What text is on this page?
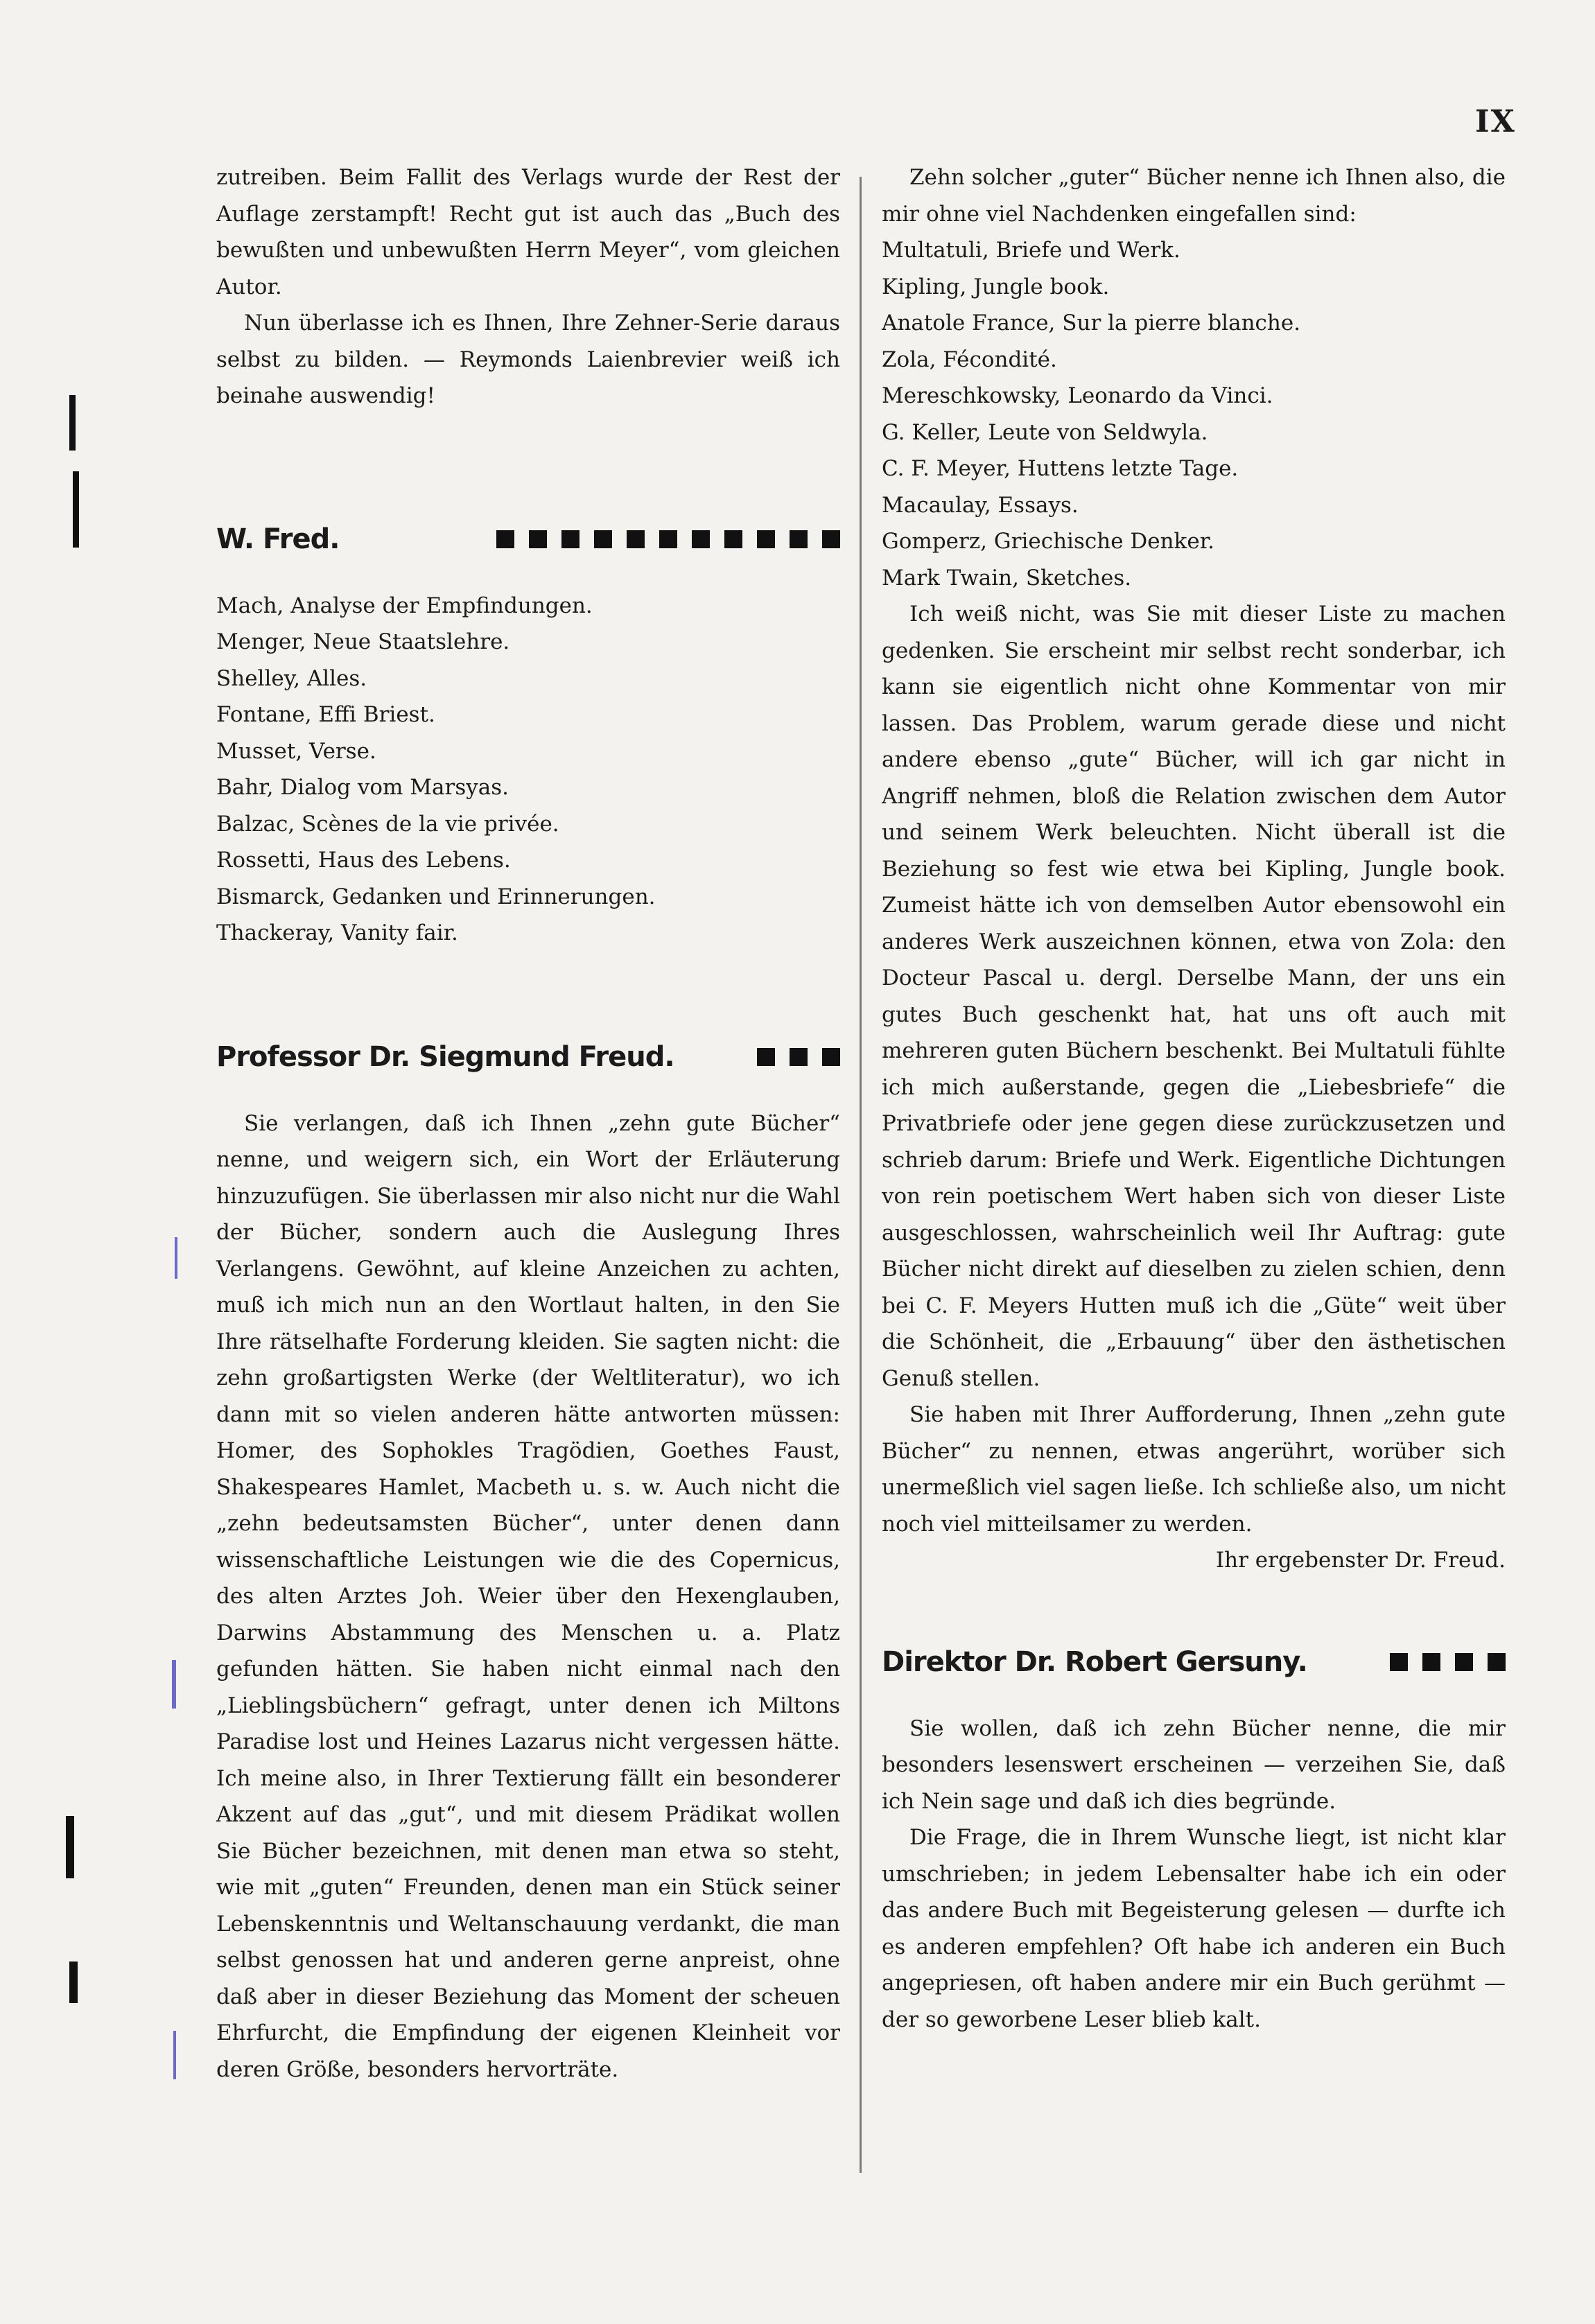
IX

zutreiben. Beim Fallit des Verlags wurde der Rest der Auflage zerstampft! Recht gut ist auch das „Buch des bewußten und unbewußten Herrn Meyer“, vom gleichen Autor.

Nun überlasse ich es Ihnen, Ihre Zehner-Serie daraus selbst zu bilden. — Reymonds Laienbrevier weiß ich beinahe auswendig!

W. Fred.
Mach, Analyse der Empfindungen.
Menger, Neue Staatslehre.
Shelley, Alles.
Fontane, Effi Briest.
Musset, Verse.
Bahr, Dialog vom Marsyas.
Balzac, Scènes de la vie privée.
Rossetti, Haus des Lebens.
Bismarck, Gedanken und Erinnerungen.
Thackeray, Vanity fair.
Professor Dr. Siegmund Freud.

Sie verlangen, daß ich Ihnen „zehn gute Bücher“ nenne, und weigern sich, ein Wort der Erläuterung hinzuzufügen. Sie überlassen mir also nicht nur die Wahl der Bücher, sondern auch die Auslegung Ihres Verlangens. Gewöhnt, auf kleine Anzeichen zu achten, muß ich mich nun an den Wortlaut halten, in den Sie Ihre rätselhafte Forderung kleiden. Sie sagten nicht: die zehn großartigsten Werke (der Weltliteratur), wo ich dann mit so vielen anderen hätte antworten müssen: Homer, des Sophokles Tragödien, Goethes Faust, Shakespeares Hamlet, Macbeth u. s. w. Auch nicht die „zehn bedeutsamsten Bücher“, unter denen dann wissenschaftliche Leistungen wie die des Copernicus, des alten Arztes Joh. Weier über den Hexenglauben, Darwins Abstammung des Menschen u. a. Platz gefunden hätten. Sie haben nicht einmal nach den „Lieblingsbüchern“ gefragt, unter denen ich Miltons Paradise lost und Heines Lazarus nicht vergessen hätte. Ich meine also, in Ihrer Textierung fällt ein besonderer Akzent auf das „gut“, und mit diesem Prädikat wollen Sie Bücher bezeichnen, mit denen man etwa so steht, wie mit „guten“ Freunden, denen man ein Stück seiner Lebenskenntnis und Weltanschauung verdankt, die man selbst genossen hat und anderen gerne anpreist, ohne daß aber in dieser Beziehung das Moment der scheuen Ehrfurcht, die Empfindung der eigenen Kleinheit vor deren Größe, besonders hervorträte.

Zehn solcher „guter“ Bücher nenne ich Ihnen also, die mir ohne viel Nachdenken eingefallen sind:

Multatuli, Briefe und Werk.
Kipling, Jungle book.
Anatole France, Sur la pierre blanche.
Zola, Fécondité.
Mereschkowsky, Leonardo da Vinci.
G. Keller, Leute von Seldwyla.
C. F. Meyer, Huttens letzte Tage.
Macaulay, Essays.
Gomperz, Griechische Denker.
Mark Twain, Sketches.

Ich weiß nicht, was Sie mit dieser Liste zu machen gedenken. Sie erscheint mir selbst recht sonderbar, ich kann sie eigentlich nicht ohne Kommentar von mir lassen. Das Problem, warum gerade diese und nicht andere ebenso „gute“ Bücher, will ich gar nicht in Angriff nehmen, bloß die Relation zwischen dem Autor und seinem Werk beleuchten. Nicht überall ist die Beziehung so fest wie etwa bei Kipling, Jungle book. Zumeist hätte ich von demselben Autor ebensowohl ein anderes Werk auszeichnen können, etwa von Zola: den Docteur Pascal u. dergl. Derselbe Mann, der uns ein gutes Buch geschenkt hat, hat uns oft auch mit mehreren guten Büchern beschenkt. Bei Multatuli fühlte ich mich außerstande, gegen die „Liebesbriefe“ die Privatbriefe oder jene gegen diese zurückzusetzen und schrieb darum: Briefe und Werk. Eigentliche Dichtungen von rein poetischem Wert haben sich von dieser Liste ausgeschlossen, wahrscheinlich weil Ihr Auftrag: gute Bücher nicht direkt auf dieselben zu zielen schien, denn bei C. F. Meyers Hutten muß ich die „Güte“ weit über die Schönheit, die „Erbauung“ über den ästhetischen Genuß stellen.

Sie haben mit Ihrer Aufforderung, Ihnen „zehn gute Bücher“ zu nennen, etwas angerührt, worüber sich unermeßlich viel sagen ließe. Ich schließe also, um nicht noch viel mitteilsamer zu werden.

Ihr ergebenster Dr. Freud.

Direktor Dr. Robert Gersuny.

Sie wollen, daß ich zehn Bücher nenne, die mir besonders lesenswert erscheinen — verzeihen Sie, daß ich Nein sage und daß ich dies begründe.

Die Frage, die in Ihrem Wunsche liegt, ist nicht klar umschrieben; in jedem Lebensalter habe ich ein oder das andere Buch mit Begeisterung gelesen — durfte ich es anderen empfehlen? Oft habe ich anderen ein Buch angepriesen, oft haben andere mir ein Buch gerühmt — der so geworbene Leser blieb kalt.
